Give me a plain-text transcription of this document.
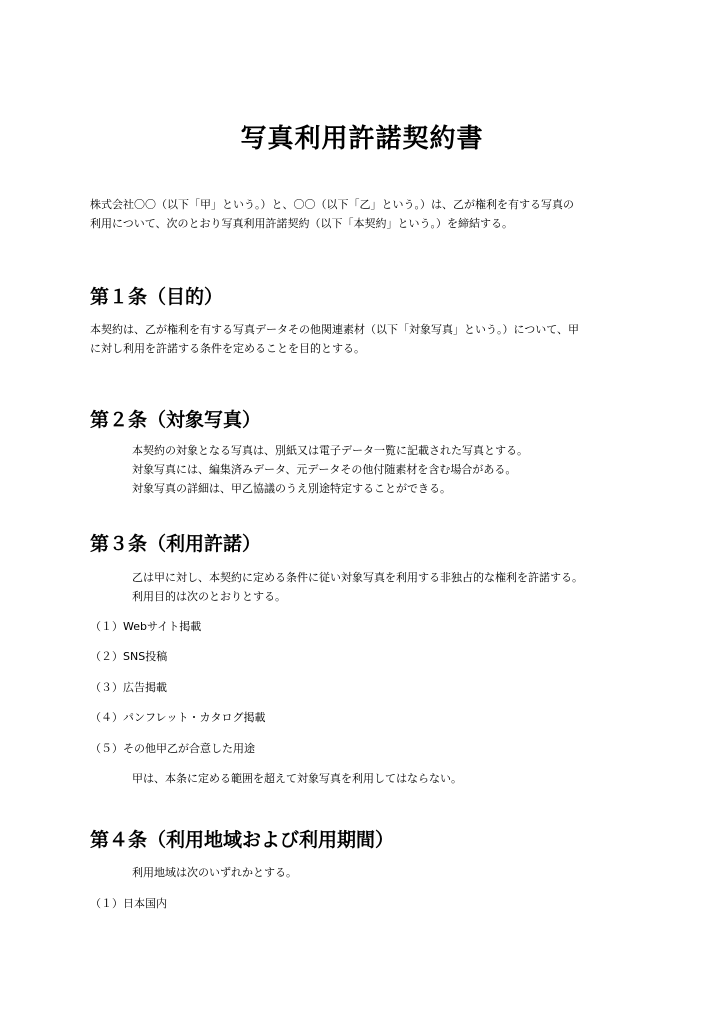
写真利用許諾契約書

株式会社〇〇（以下「甲」という。）と、〇〇（以下「乙」という。）は、乙が権利を有する写真の
利用について、次のとおり写真利用許諾契約（以下「本契約」という。）を締結する。

第１条（目的）

本契約は、乙が権利を有する写真データその他関連素材（以下「対象写真」という。）について、甲
に対し利用を許諾する条件を定めることを目的とする。

第２条（対象写真）

本契約の対象となる写真は、別紙又は電子データ一覧に記載された写真とする。
対象写真には、編集済みデータ、元データその他付随素材を含む場合がある。
対象写真の詳細は、甲乙協議のうえ別途特定することができる。

第３条（利用許諾）

乙は甲に対し、本契約に定める条件に従い対象写真を利用する非独占的な権利を許諾する。
利用目的は次のとおりとする。

（１）Webサイト掲載

（２）SNS投稿

（３）広告掲載

（４）パンフレット・カタログ掲載

（５）その他甲乙が合意した用途

甲は、本条に定める範囲を超えて対象写真を利用してはならない。

第４条（利用地域および利用期間）

利用地域は次のいずれかとする。

（１）日本国内
